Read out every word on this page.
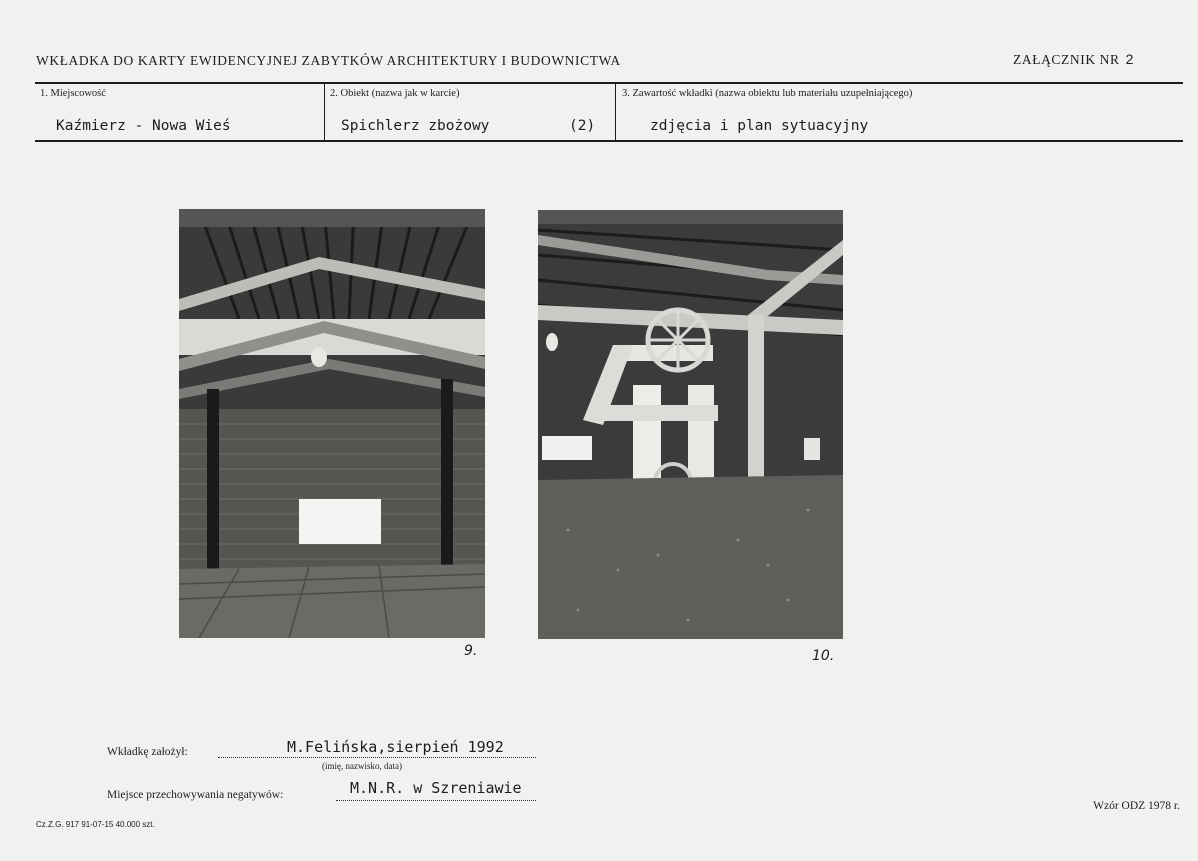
WKŁADKA DO KARTY EWIDENCYJNEJ ZABYTKÓW ARCHITEKTURY I BUDOWNICTWA	ZAŁĄCZNIK NR 2
1. Miejscowość
Kaźmierz - Nowa Wieś
2. Obiekt (nazwa jak w karcie)
Spichlerz zbożowy	(2)
3. Zawartość wkładki (nazwa obiektu lub materiału uzupełniającego)
zdjęcia i plan sytuacyjny
9.	10.
Wkładkę założył:	M.Felińska,sierpień 1992
(imię, nazwisko, data)
Miejsce przechowywania negatywów:	M.N.R. w Szreniawie
Wzór ODZ 1978 r.
Cz.Z.G. 917 91-07-15 40.000 szt.
